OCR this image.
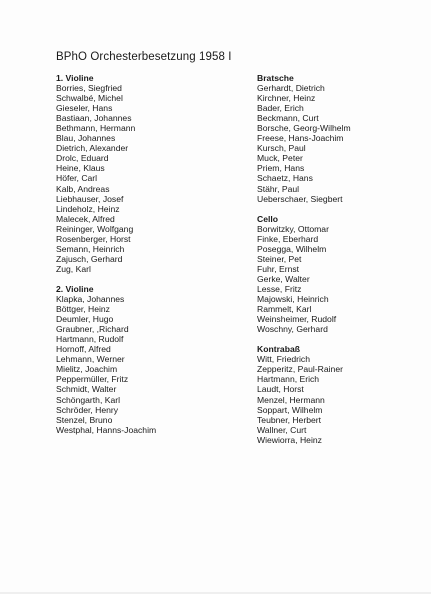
BPhO Orchesterbesetzung 1958 I
1. Violine
Borries, Siegfried
Schwalbé, Michel
Gieseler, Hans
Bastiaan, Johannes
Bethmann, Hermann
Blau, Johannes
Dietrich, Alexander
Drolc, Eduard
Heine, Klaus
Höfer, Carl
Kalb, Andreas
Liebhauser, Josef
Lindeholz, Heinz
Malecek, Alfred
Reininger, Wolfgang
Rosenberger, Horst
Semann, Heinrich
Zajusch, Gerhard
Zug, Karl
2. Violine
Klapka, Johannes
Böttger, Heinz
Deumler, Hugo
Graubner, ,Richard
Hartmann, Rudolf
Hornoff, Alfred
Lehmann, Werner
Mielitz, Joachim
Peppermüller, Fritz
Schmidt, Walter
Schöngarth, Karl
Schröder, Henry
Stenzel, Bruno
Westphal, Hanns-Joachim
Bratsche
Gerhardt, Dietrich
Kirchner, Heinz
Bader, Erich
Beckmann, Curt
Borsche, Georg-Wilhelm
Freese, Hans-Joachim
Kursch, Paul
Muck, Peter
Priem, Hans
Schaetz, Hans
Stähr, Paul
Ueberschaer, Siegbert
Cello
Borwitzky, Ottomar
Finke, Eberhard
Posegga, Wilhelm
Steiner, Pet
Fuhr, Ernst
Gerke, Walter
Lesse, Fritz
Majowski, Heinrich
Rammelt, Karl
Weinsheimer, Rudolf
Woschny, Gerhard
Kontrabaß
Witt, Friedrich
Zepperitz, Paul-Rainer
Hartmann, Erich
Laudt, Horst
Menzel, Hermann
Soppart, Wilhelm
Teubner, Herbert
Wallner, Curt
Wiewiorra, Heinz
